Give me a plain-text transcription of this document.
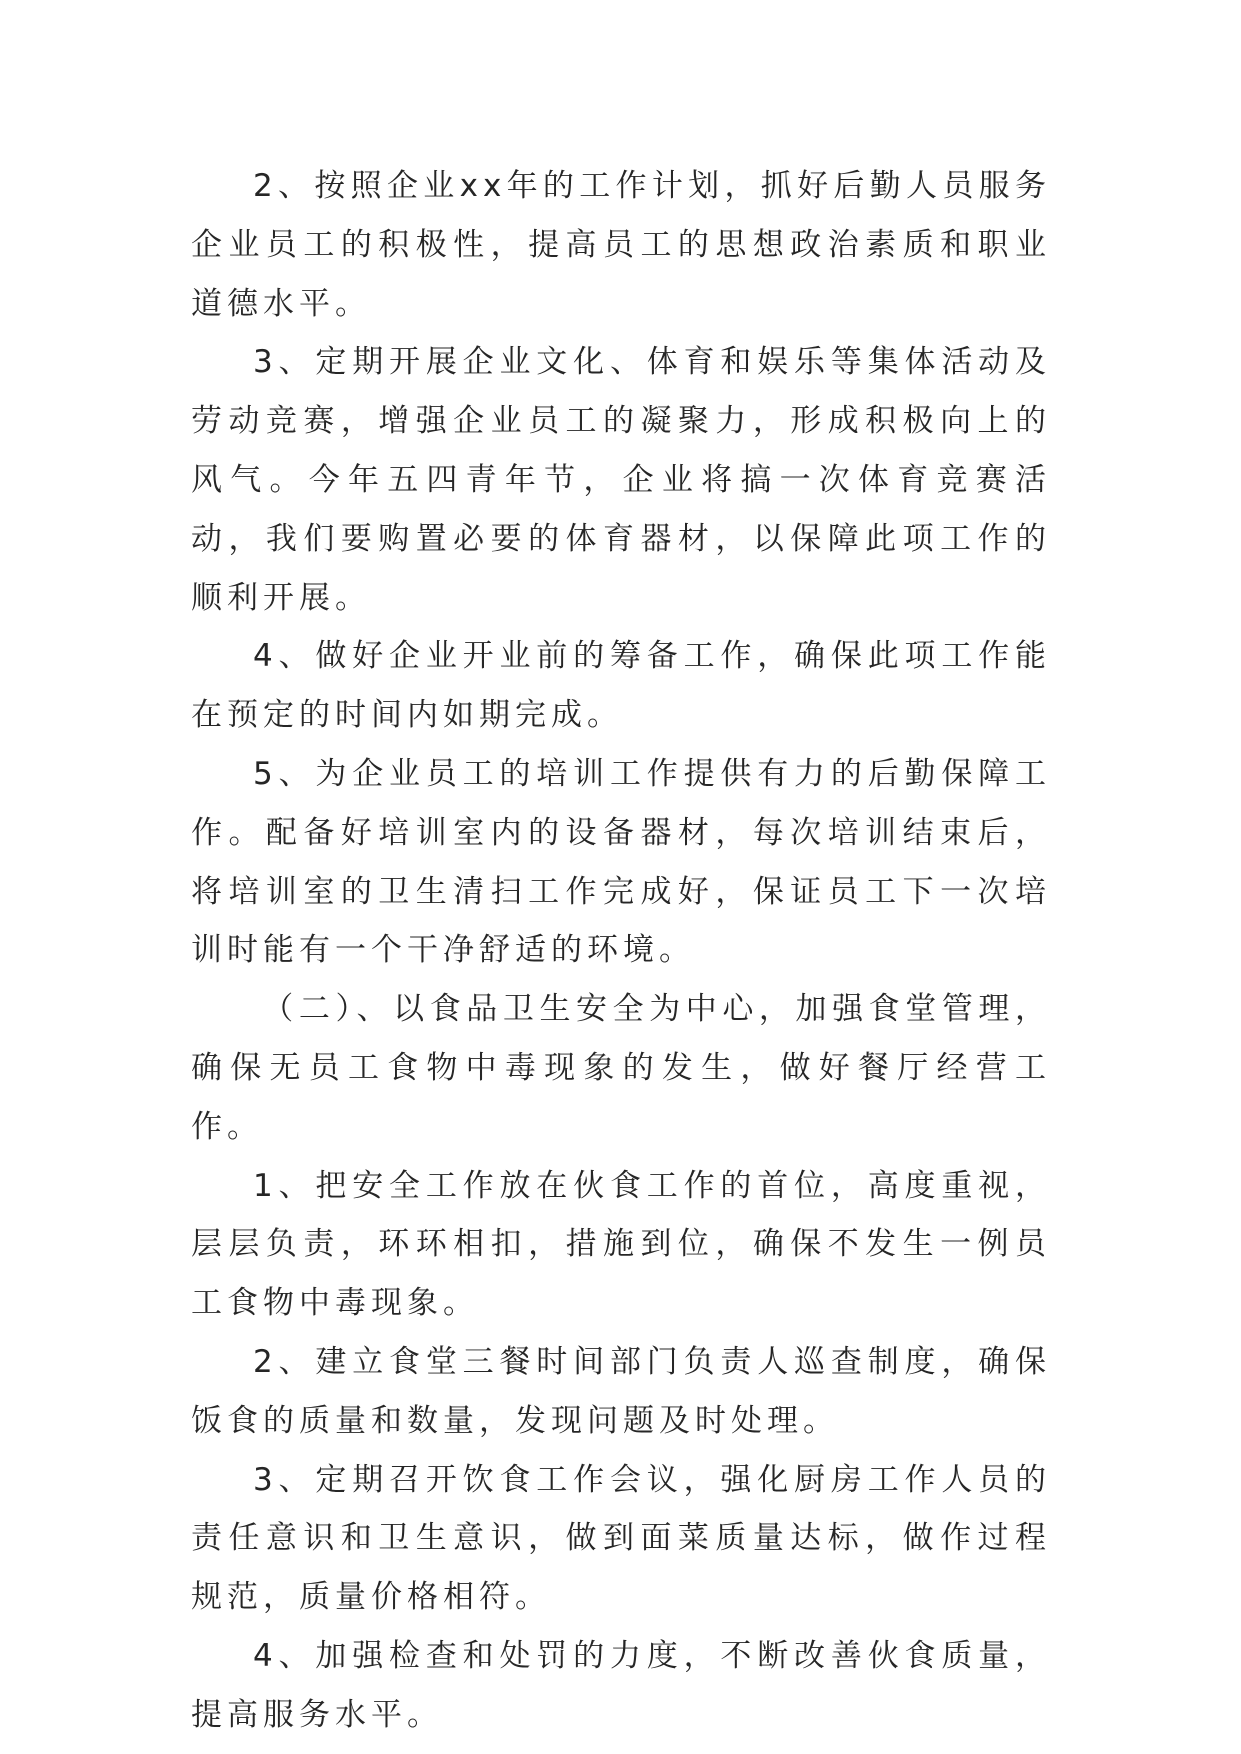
2、按照企业xx年的工作计划，抓好后勤人员服务企业员工的积极性，提高员工的思想政治素质和职业道德水平。

3、定期开展企业文化、体育和娱乐等集体活动及劳动竞赛，增强企业员工的凝聚力，形成积极向上的风气。今年五四青年节，企业将搞一次体育竞赛活动，我们要购置必要的体育器材，以保障此项工作的顺利开展。

4、做好企业开业前的筹备工作，确保此项工作能在预定的时间内如期完成。

5、为企业员工的培训工作提供有力的后勤保障工作。配备好培训室内的设备器材，每次培训结束后，将培训室的卫生清扫工作完成好，保证员工下一次培训时能有一个干净舒适的环境。

（二）、以食品卫生安全为中心，加强食堂管理，确保无员工食物中毒现象的发生，做好餐厅经营工作。

1、把安全工作放在伙食工作的首位，高度重视，层层负责，环环相扣，措施到位，确保不发生一例员工食物中毒现象。

2、建立食堂三餐时间部门负责人巡查制度，确保饭食的质量和数量，发现问题及时处理。

3、定期召开饮食工作会议，强化厨房工作人员的责任意识和卫生意识，做到面菜质量达标，做作过程规范，质量价格相符。

4、加强检查和处罚的力度，不断改善伙食质量，提高服务水平。
